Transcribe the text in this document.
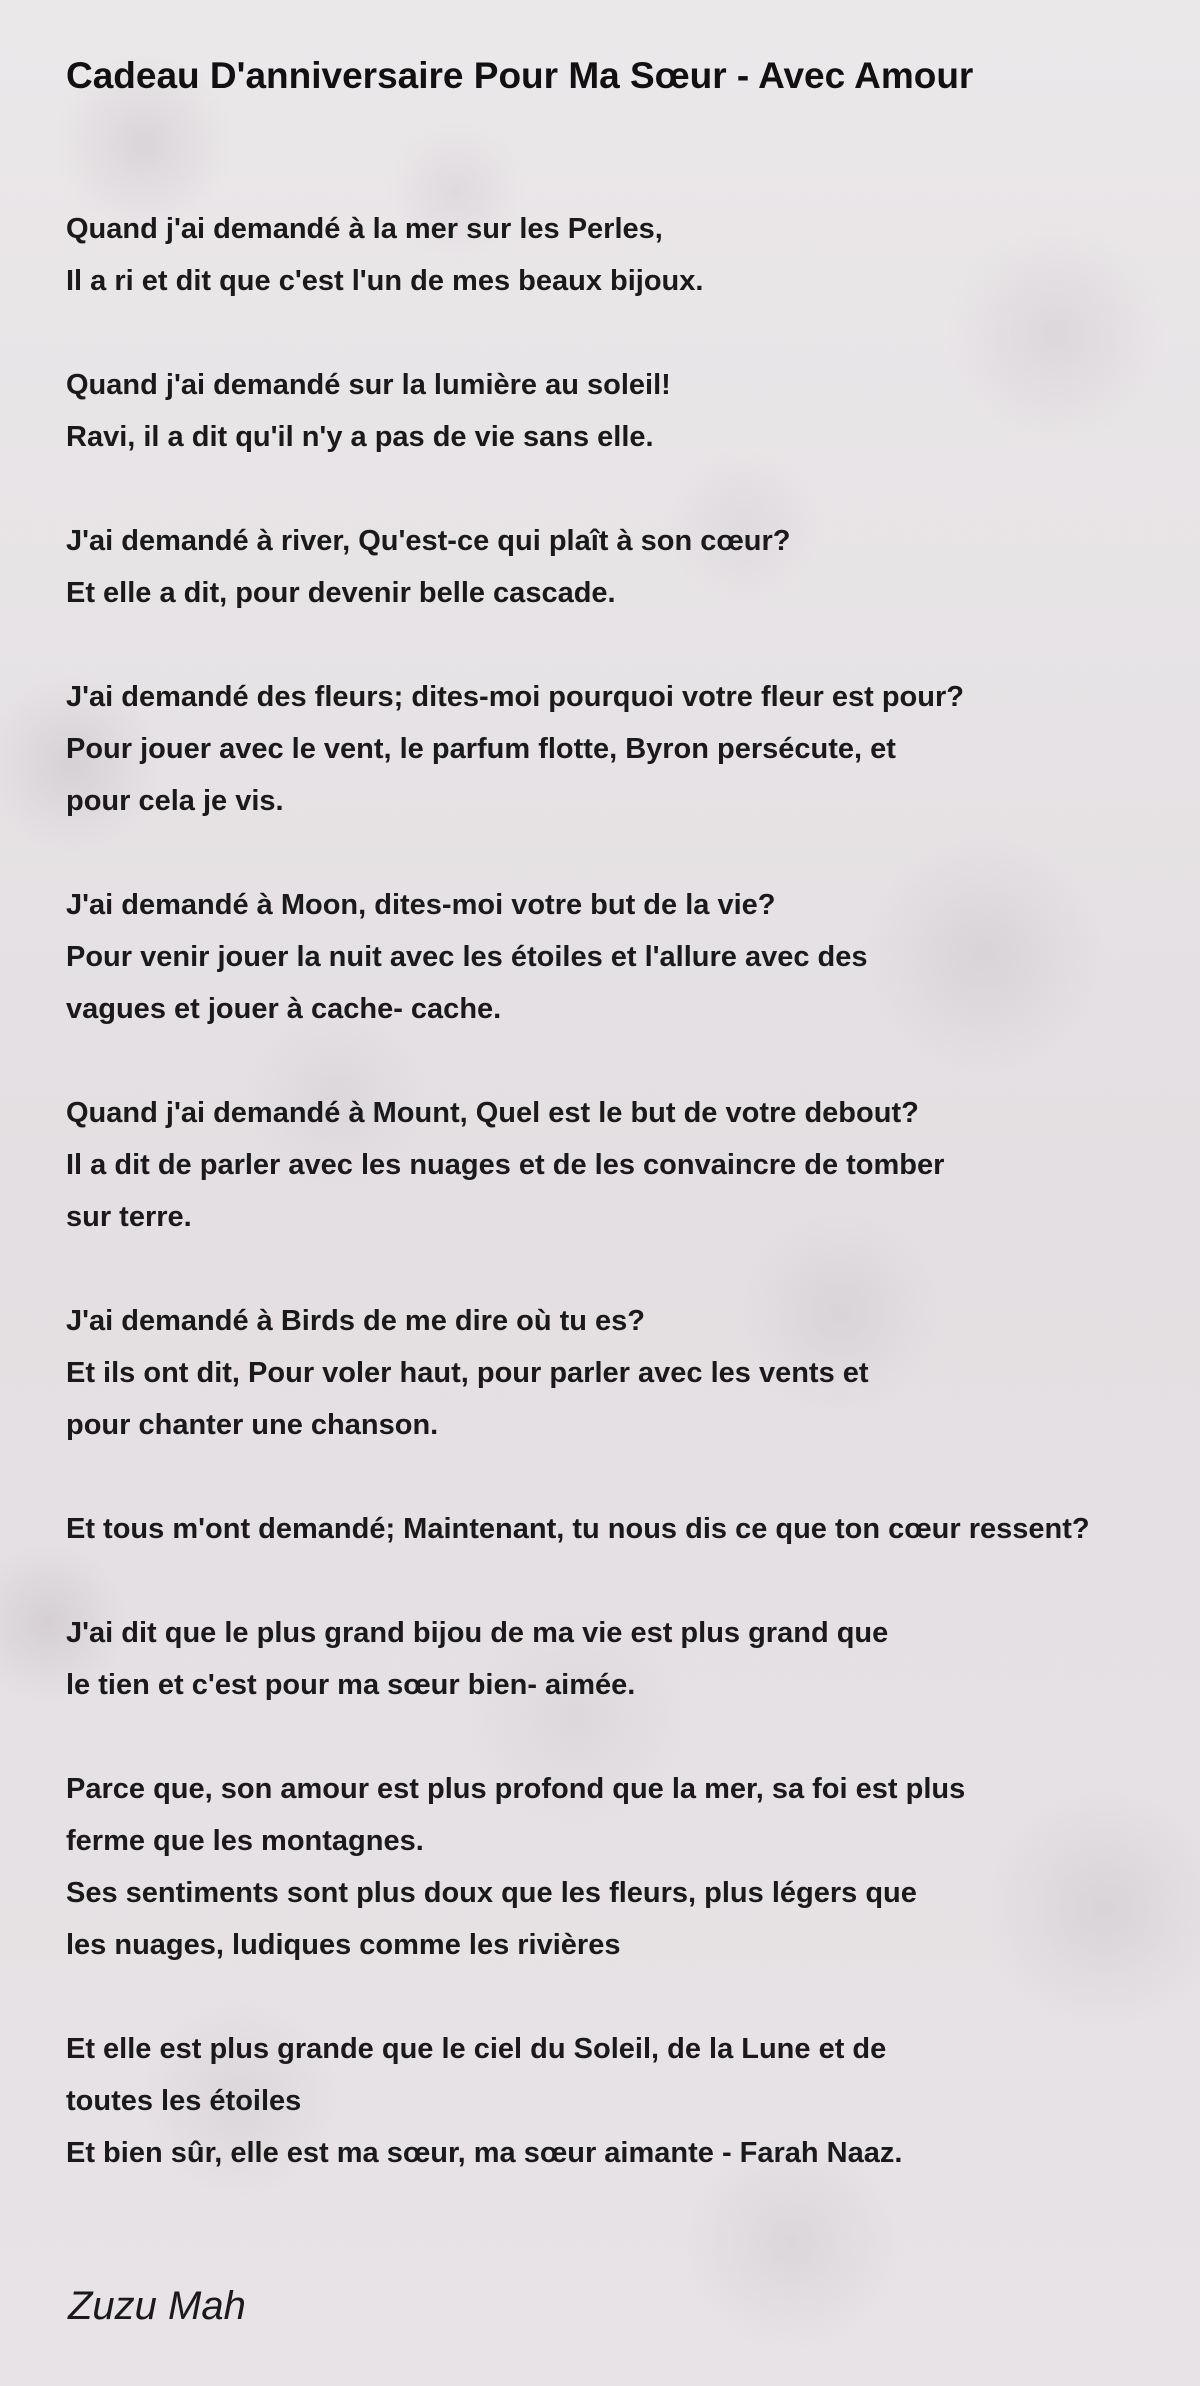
Cadeau D'anniversaire Pour Ma Sœur - Avec Amour
Quand j'ai demandé à la mer sur les Perles,
Il a ri et dit que c'est l'un de mes beaux bijoux.
Quand j'ai demandé sur la lumière au soleil!
Ravi, il a dit qu'il n'y a pas de vie sans elle.
J'ai demandé à river, Qu'est-ce qui plaît à son cœur?
Et elle a dit, pour devenir belle cascade.
J'ai demandé des fleurs; dites-moi pourquoi votre fleur est pour?
Pour jouer avec le vent, le parfum flotte, Byron persécute, et
pour cela je vis.
J'ai demandé à Moon, dites-moi votre but de la vie?
Pour venir jouer la nuit avec les étoiles et l'allure avec des
vagues et jouer à cache- cache.
Quand j'ai demandé à Mount, Quel est le but de votre debout?
Il a dit de parler avec les nuages et de les convaincre de tomber
sur terre.
J'ai demandé à Birds de me dire où tu es?
Et ils ont dit, Pour voler haut, pour parler avec les vents et
pour chanter une chanson.
Et tous m'ont demandé; Maintenant, tu nous dis ce que ton cœur ressent?
J'ai dit que le plus grand bijou de ma vie est plus grand que
le tien et c'est pour ma sœur bien- aimée.
Parce que, son amour est plus profond que la mer, sa foi est plus
ferme que les montagnes.
Ses sentiments sont plus doux que les fleurs, plus légers que
les nuages, ludiques comme les rivières
Et elle est plus grande que le ciel du Soleil, de la Lune et de
toutes les étoiles
Et bien sûr, elle est ma sœur, ma sœur aimante - Farah Naaz.
Zuzu Mah
